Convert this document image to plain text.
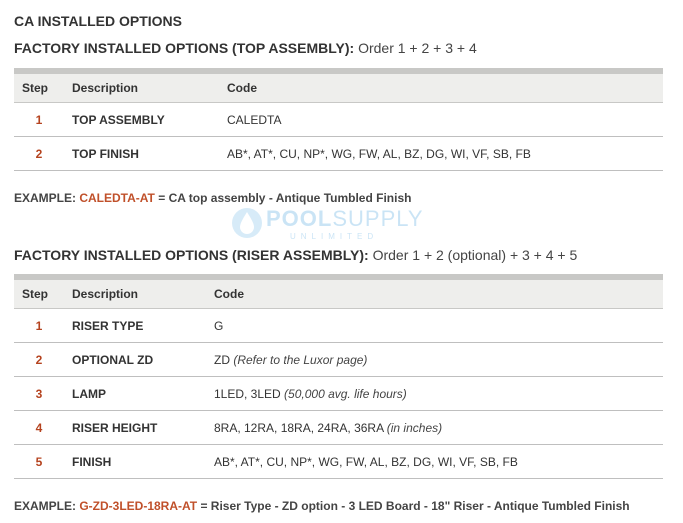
CA INSTALLED OPTIONS
FACTORY INSTALLED OPTIONS (TOP ASSEMBLY): Order 1 + 2 + 3 + 4
Step	Description	Code
1	TOP ASSEMBLY	CALEDTA
2	TOP FINISH	AB*, AT*, CU, NP*, WG, FW, AL, BZ, DG, WI, VF, SB, FB
EXAMPLE: CALEDTA-AT = CA top assembly - Antique Tumbled Finish
POOLSUPPLY
UNLIMITED
FACTORY INSTALLED OPTIONS (RISER ASSEMBLY): Order 1 + 2 (optional) + 3 + 4 + 5
Step	Description	Code
1	RISER TYPE	G
2	OPTIONAL ZD	ZD (Refer to the Luxor page)
3	LAMP	1LED, 3LED (50,000 avg. life hours)
4	RISER HEIGHT	8RA, 12RA, 18RA, 24RA, 36RA (in inches)
5	FINISH	AB*, AT*, CU, NP*, WG, FW, AL, BZ, DG, WI, VF, SB, FB
EXAMPLE: G-ZD-3LED-18RA-AT = Riser Type - ZD option - 3 LED Board - 18" Riser - Antique Tumbled Finish
